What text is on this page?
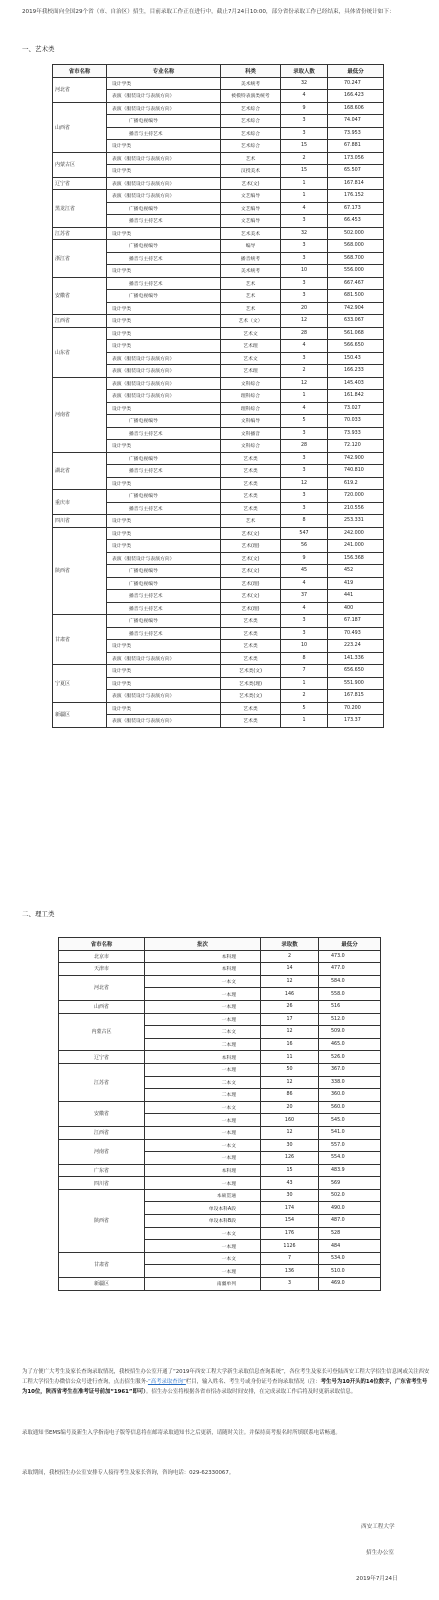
2019年我校面向全国29个省（市、自治区）招生，目前录取工作正在进行中，截止7月24日10:00，部分省份录取工作已经结束，具体省份统计如下：
一、艺术类
省市名称	专业名称	科类	录取人数	最低分
河北省	设计学类	美术统考	32	70.247
	表演（服装设计与表演方向）	被模特表演类统考	4	166.423
山西省	表演（服装设计与表演方向）	艺术综合	9	168.606
	广播电视编导	艺术综合	3	74.047
	播音与主持艺术	艺术综合	3	73.953
	设计学类	艺术综合	15	67.881
内蒙古区	表演（服装设计与表演方向）	艺术	2	173.056
	设计学类	汉授美术	15	65.507
辽宁省	表演（服装设计与表演方向）	艺术(文)	1	167.814
黑龙江省	表演（服装设计与表演方向）	文艺编导	1	176.152
	广播电视编导	文艺编导	4	67.173
	播音与主持艺术	文艺编导	3	66.453
江苏省	设计学类	艺术美术	32	502.000
浙江省	广播电视编导	编导	3	568.000
	播音与主持艺术	播音统考	3	568.700
	设计学类	美术统考	10	556.000
安徽省	播音与主持艺术	艺术	3	667.467
	广播电视编导	艺术	3	681.500
	设计学类	艺术	20	742.904
江西省	设计学类	艺术（文）	12	633.067
山东省	设计学类	艺术文	28	561.068
	设计学类	艺术理	4	566.650
	表演（服装设计与表演方向）	艺术文	3	150.43
	表演（服装设计与表演方向）	艺术理	2	166.233
河南省	表演（服装设计与表演方向）	文科综合	12	145.403
	表演（服装设计与表演方向）	理科综合	1	161.842
	设计学类	理科综合	4	73.027
	广播电视编导	文科编导	5	70.033
	播音与主持艺术	文科播音	3	73.933
	设计学类	文科综合	28	72.120
湖北省	广播电视编导	艺术类	3	742.900
	播音与主持艺术	艺术类	3	740.810
	设计学类	艺术类	12	619.2
重庆市	广播电视编导	艺术类	3	720.000
	播音与主持艺术	艺术类	3	210.556
四川省	设计学类	艺术	8	253.331
陕西省	设计学类	艺术(文)	547	242.000
	设计学类	艺术(理)	56	241.000
	表演（服装设计与表演方向）	艺术(文)	9	156.368
	广播电视编导	艺术(文)	45	452
	广播电视编导	艺术(理)	4	419
	播音与主持艺术	艺术(文)	37	441
	播音与主持艺术	艺术(理)	4	400
甘肃省	广播电视编导	艺术类	3	67.187
	播音与主持艺术	艺术类	3	70.493
	设计学类	艺术类	10	223.24
	表演（服装设计与表演方向）	艺术类	8	141.336
宁夏区	设计学类	艺术类(文)	7	656.650
	设计学类	艺术类(理)	1	551.900
	表演（服装设计与表演方向）	艺术类(文)	2	167.815
新疆区	设计学类	艺术类	5	70.200
	表演（服装设计与表演方向）	艺术类	1	173.37
二、理工类
省市名称	批次	录取数	最低分
北京市	本科理	2	473.0
天津市	本科理	14	477.0
河北省	一本文	12	584.0
	一本理	146	558.0
山西省	一本理	26	516
内蒙古区	一本理	17	512.0
	二本文	12	509.0
	二本理	16	465.0
辽宁省	本科理	11	526.0
江苏省	一本理	50	367.0
	二本文	12	338.0
	二本理	86	360.0
安徽省	一本文	20	560.0
	一本理	160	545.0
江西省	一本理	12	541.0
河南省	一本文	30	557.0
	一本理	126	554.0
广东省	本科理	15	483.9
四川省	一本理	43	569
陕西省	本硕贯通	30	502.0
	单设本科A段	174	490.0
	单设本科B段	154	487.0
	一本文	176	528
	一本理	1126	484
甘肃省	一本文	7	534.0
	一本理	136	510.0
新疆区	南疆单列	3	469.0
为了方便广大考生及家长查询录取情况，我校招生办公室开通了“2019年西安工程大学新生录取信息查询系统”，各位考生及家长可登陆西安工程大学招生信息网或关注西安工程大学招生办微信公众号进行查询，点击招生服务-“高考录取查询”栏目，输入姓名、考生号或身份证号查询录取情况（注：考生号为10开头的14位数字，广东省考生号为10位，陕西省考生在准考证号前加“1961”即可）。招生办公室将根据各省市招办录取时间安排，在完成录取工作后将及时更新录取信息。
录取通知书EMS编号及新生入学指南电子版等信息将在邮寄录取通知书之后更新，请随时关注。并保持高考报名时所填联系电话畅通。
录取期间，我校招生办公室安排专人接待考生及家长咨询，咨询电话：029-62330067。
西安工程大学
招生办公室
2019年7月24日
